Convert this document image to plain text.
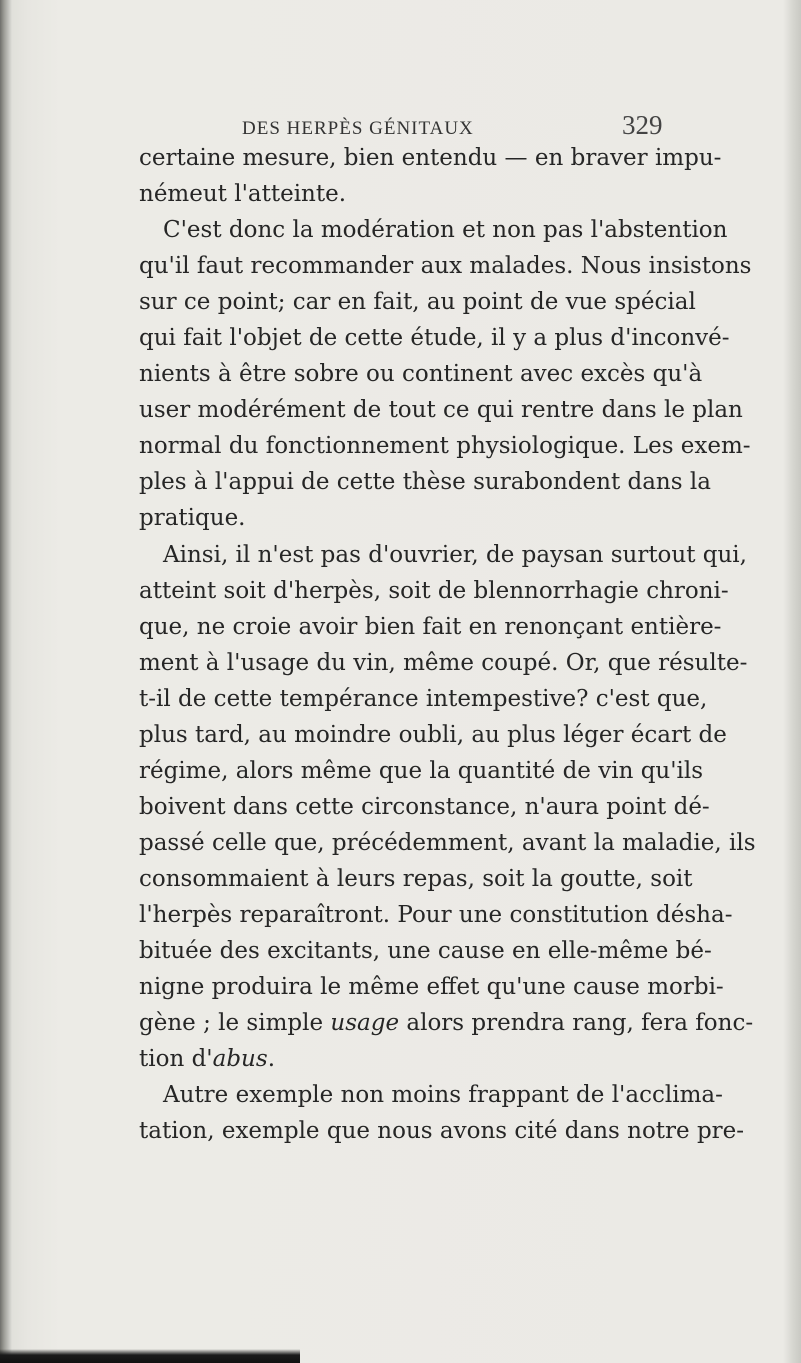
DES HERPÈS GÉNITAUX	329
certaine mesure, bien entendu — en braver impu-
némeut l'atteinte.
C'est donc la modération et non pas l'abstention
qu'il faut recommander aux malades. Nous insistons
sur ce point; car en fait, au point de vue spécial
qui fait l'objet de cette étude, il y a plus d'inconvé-
nients à être sobre ou continent avec excès qu'à
user modérément de tout ce qui rentre dans le plan
normal du fonctionnement physiologique. Les exem-
ples à l'appui de cette thèse surabondent dans la
pratique.
Ainsi, il n'est pas d'ouvrier, de paysan surtout qui,
atteint soit d'herpès, soit de blennorrhagie chroni-
que, ne croie avoir bien fait en renonçant entière-
ment à l'usage du vin, même coupé. Or, que résulte-
t-il de cette tempérance intempestive? c'est que,
plus tard, au moindre oubli, au plus léger écart de
régime, alors même que la quantité de vin qu'ils
boivent dans cette circonstance, n'aura point dé-
passé celle que, précédemment, avant la maladie, ils
consommaient à leurs repas, soit la goutte, soit
l'herpès reparaîtront. Pour une constitution désha-
bituée des excitants, une cause en elle-même bé-
nigne produira le même effet qu'une cause morbi-
gène ; le simple usage alors prendra rang, fera fonc-
tion d'abus.
Autre exemple non moins frappant de l'acclima-
tation, exemple que nous avons cité dans notre pre-
